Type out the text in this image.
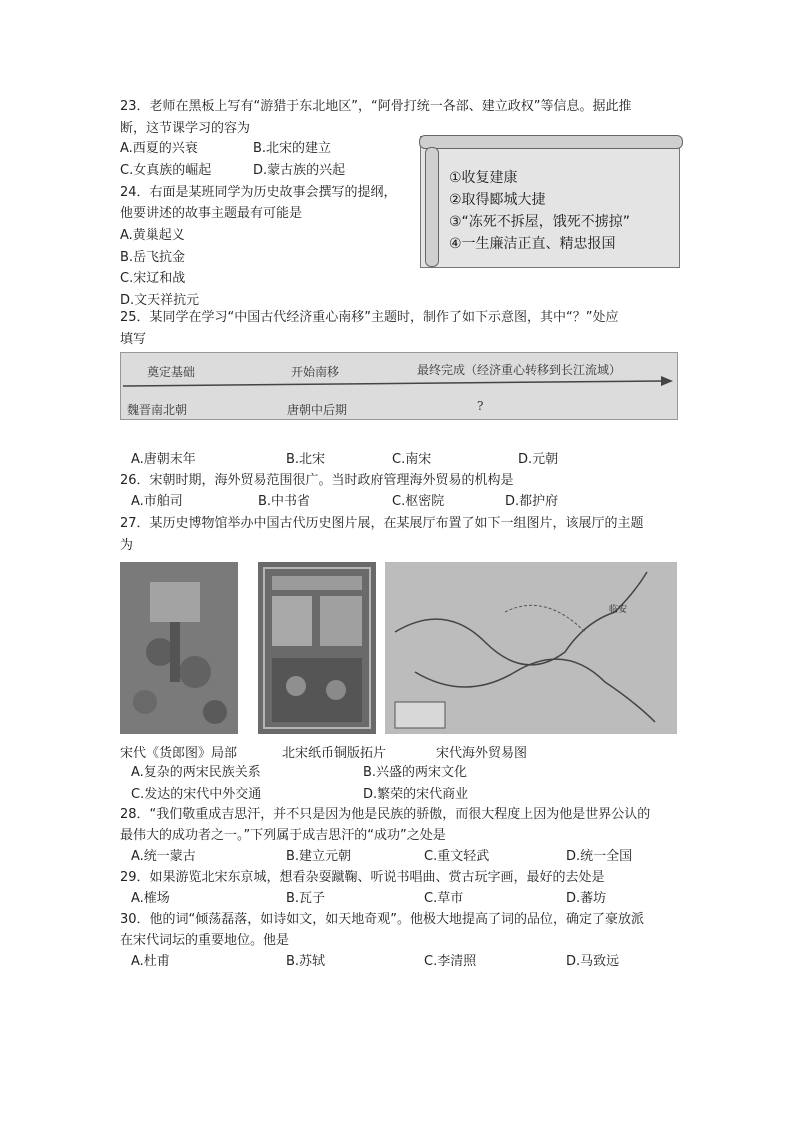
23．老师在黑板上写有“游猎于东北地区”，“阿骨打统一各部、建立政权”等信息。据此推
断，这节课学习的容为
A.西夏的兴衰	B.北宋的建立
C.女真族的崛起	D.蒙古族的兴起
24．右面是某班同学为历史故事会撰写的提纲，
他要讲述的故事主题最有可能是
A.黄巢起义
B.岳飞抗金
C.宋辽和战
D.文天祥抗元
①收复建康
②取得郾城大捷
③“冻死不拆屋，饿死不掳掠”
④一生廉洁正直、精忠报国
25．某同学在学习“中国古代经济重心南移”主题时，制作了如下示意图，其中“？”处应
填写
奠定基础	开始南移	最终完成（经济重心转移到长江流域）
魏晋南北朝	唐朝中后期	?
A.唐朝末年	B.北宋	C.南宋	D.元朝
26．宋朝时期，海外贸易范围很广。当时政府管理海外贸易的机构是
A.市舶司	B.中书省	C.枢密院	D.都护府
27．某历史博物馆举办中国古代历史图片展，在某展厅布置了如下一组图片，该展厅的主题
为
临安
宋代《货郎图》局部	北宋纸币铜版拓片	宋代海外贸易图
A.复杂的两宋民族关系	B.兴盛的两宋文化
C.发达的宋代中外交通	D.繁荣的宋代商业
28．“我们敬重成吉思汗，并不只是因为他是民族的骄傲，而很大程度上因为他是世界公认的
最伟大的成功者之一。”下列属于成吉思汗的“成功”之处是
A.统一蒙古	B.建立元朝	C.重文轻武	D.统一全国
29．如果游览北宋东京城，想看杂耍蹴鞠、听说书唱曲、赏古玩字画，最好的去处是
A.榷场	B.瓦子	C.草市	D.蕃坊
30．他的词“倾荡磊落，如诗如文，如天地奇观”。他极大地提高了词的品位，确定了豪放派
在宋代词坛的重要地位。他是
A.杜甫	B.苏轼	C.李清照	D.马致远
